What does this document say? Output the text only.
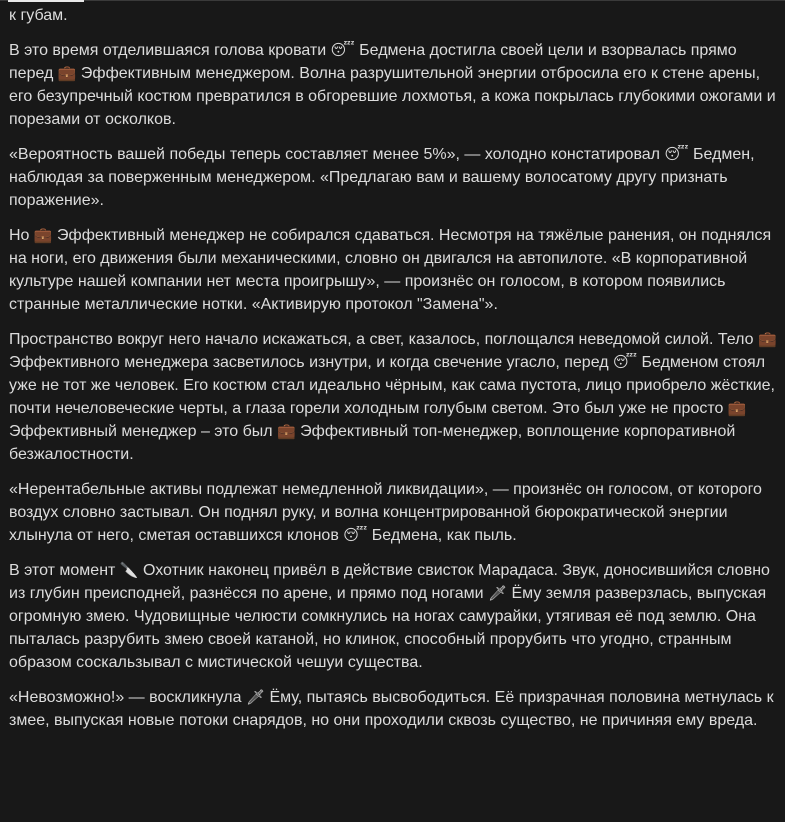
к губам.

В это время отделившаяся голова кровати 😴 Бедмена достигла своей цели и взорвалась прямо перед 💼 Эффективным менеджером. Волна разрушительной энергии отбросила его к стене арены, его безупречный костюм превратился в обгоревшие лохмотья, а кожа покрылась глубокими ожогами и порезами от осколков.

«Вероятность вашей победы теперь составляет менее 5%», — холодно констатировал 😴 Бедмен, наблюдая за поверженным менеджером. «Предлагаю вам и вашему волосатому другу признать поражение».

Но 💼 Эффективный менеджер не собирался сдаваться. Несмотря на тяжёлые ранения, он поднялся на ноги, его движения были механическими, словно он двигался на автопилоте. «В корпоративной культуре нашей компании нет места проигрышу», — произнёс он голосом, в котором появились странные металлические нотки. «Активирую протокол "Замена"».

Пространство вокруг него начало искажаться, а свет, казалось, поглощался неведомой силой. Тело 💼 Эффективного менеджера засветилось изнутри, и когда свечение угасло, перед 😴 Бедменом стоял уже не тот же человек. Его костюм стал идеально чёрным, как сама пустота, лицо приобрело жёсткие, почти нечеловеческие черты, а глаза горели холодным голубым светом. Это был уже не просто 💼 Эффективный менеджер – это был 💼 Эффективный топ-менеджер, воплощение корпоративной безжалостности.

«Нерентабельные активы подлежат немедленной ликвидации», — произнёс он голосом, от которого воздух словно застывал. Он поднял руку, и волна концентрированной бюрократической энергии хлынула от него, сметая оставшихся клонов 😴 Бедмена, как пыль.

В этот момент 🔪 Охотник наконец привёл в действие свисток Марадаса. Звук, доносившийся словно из глубин преисподней, разнёсся по арене, и прямо под ногами 🗡 Ёму земля разверзлась, выпуская огромную змею. Чудовищные челюсти сомкнулись на ногах самурайки, утягивая её под землю. Она пыталась разрубить змею своей катаной, но клинок, способный прорубить что угодно, странным образом соскальзывал с мистической чешуи существа.

«Невозможно!» — воскликнула 🗡 Ёму, пытаясь высвободиться. Её призрачная половина метнулась к змее, выпуская новые потоки снарядов, но они проходили сквозь существо, не причиняя ему вреда.
